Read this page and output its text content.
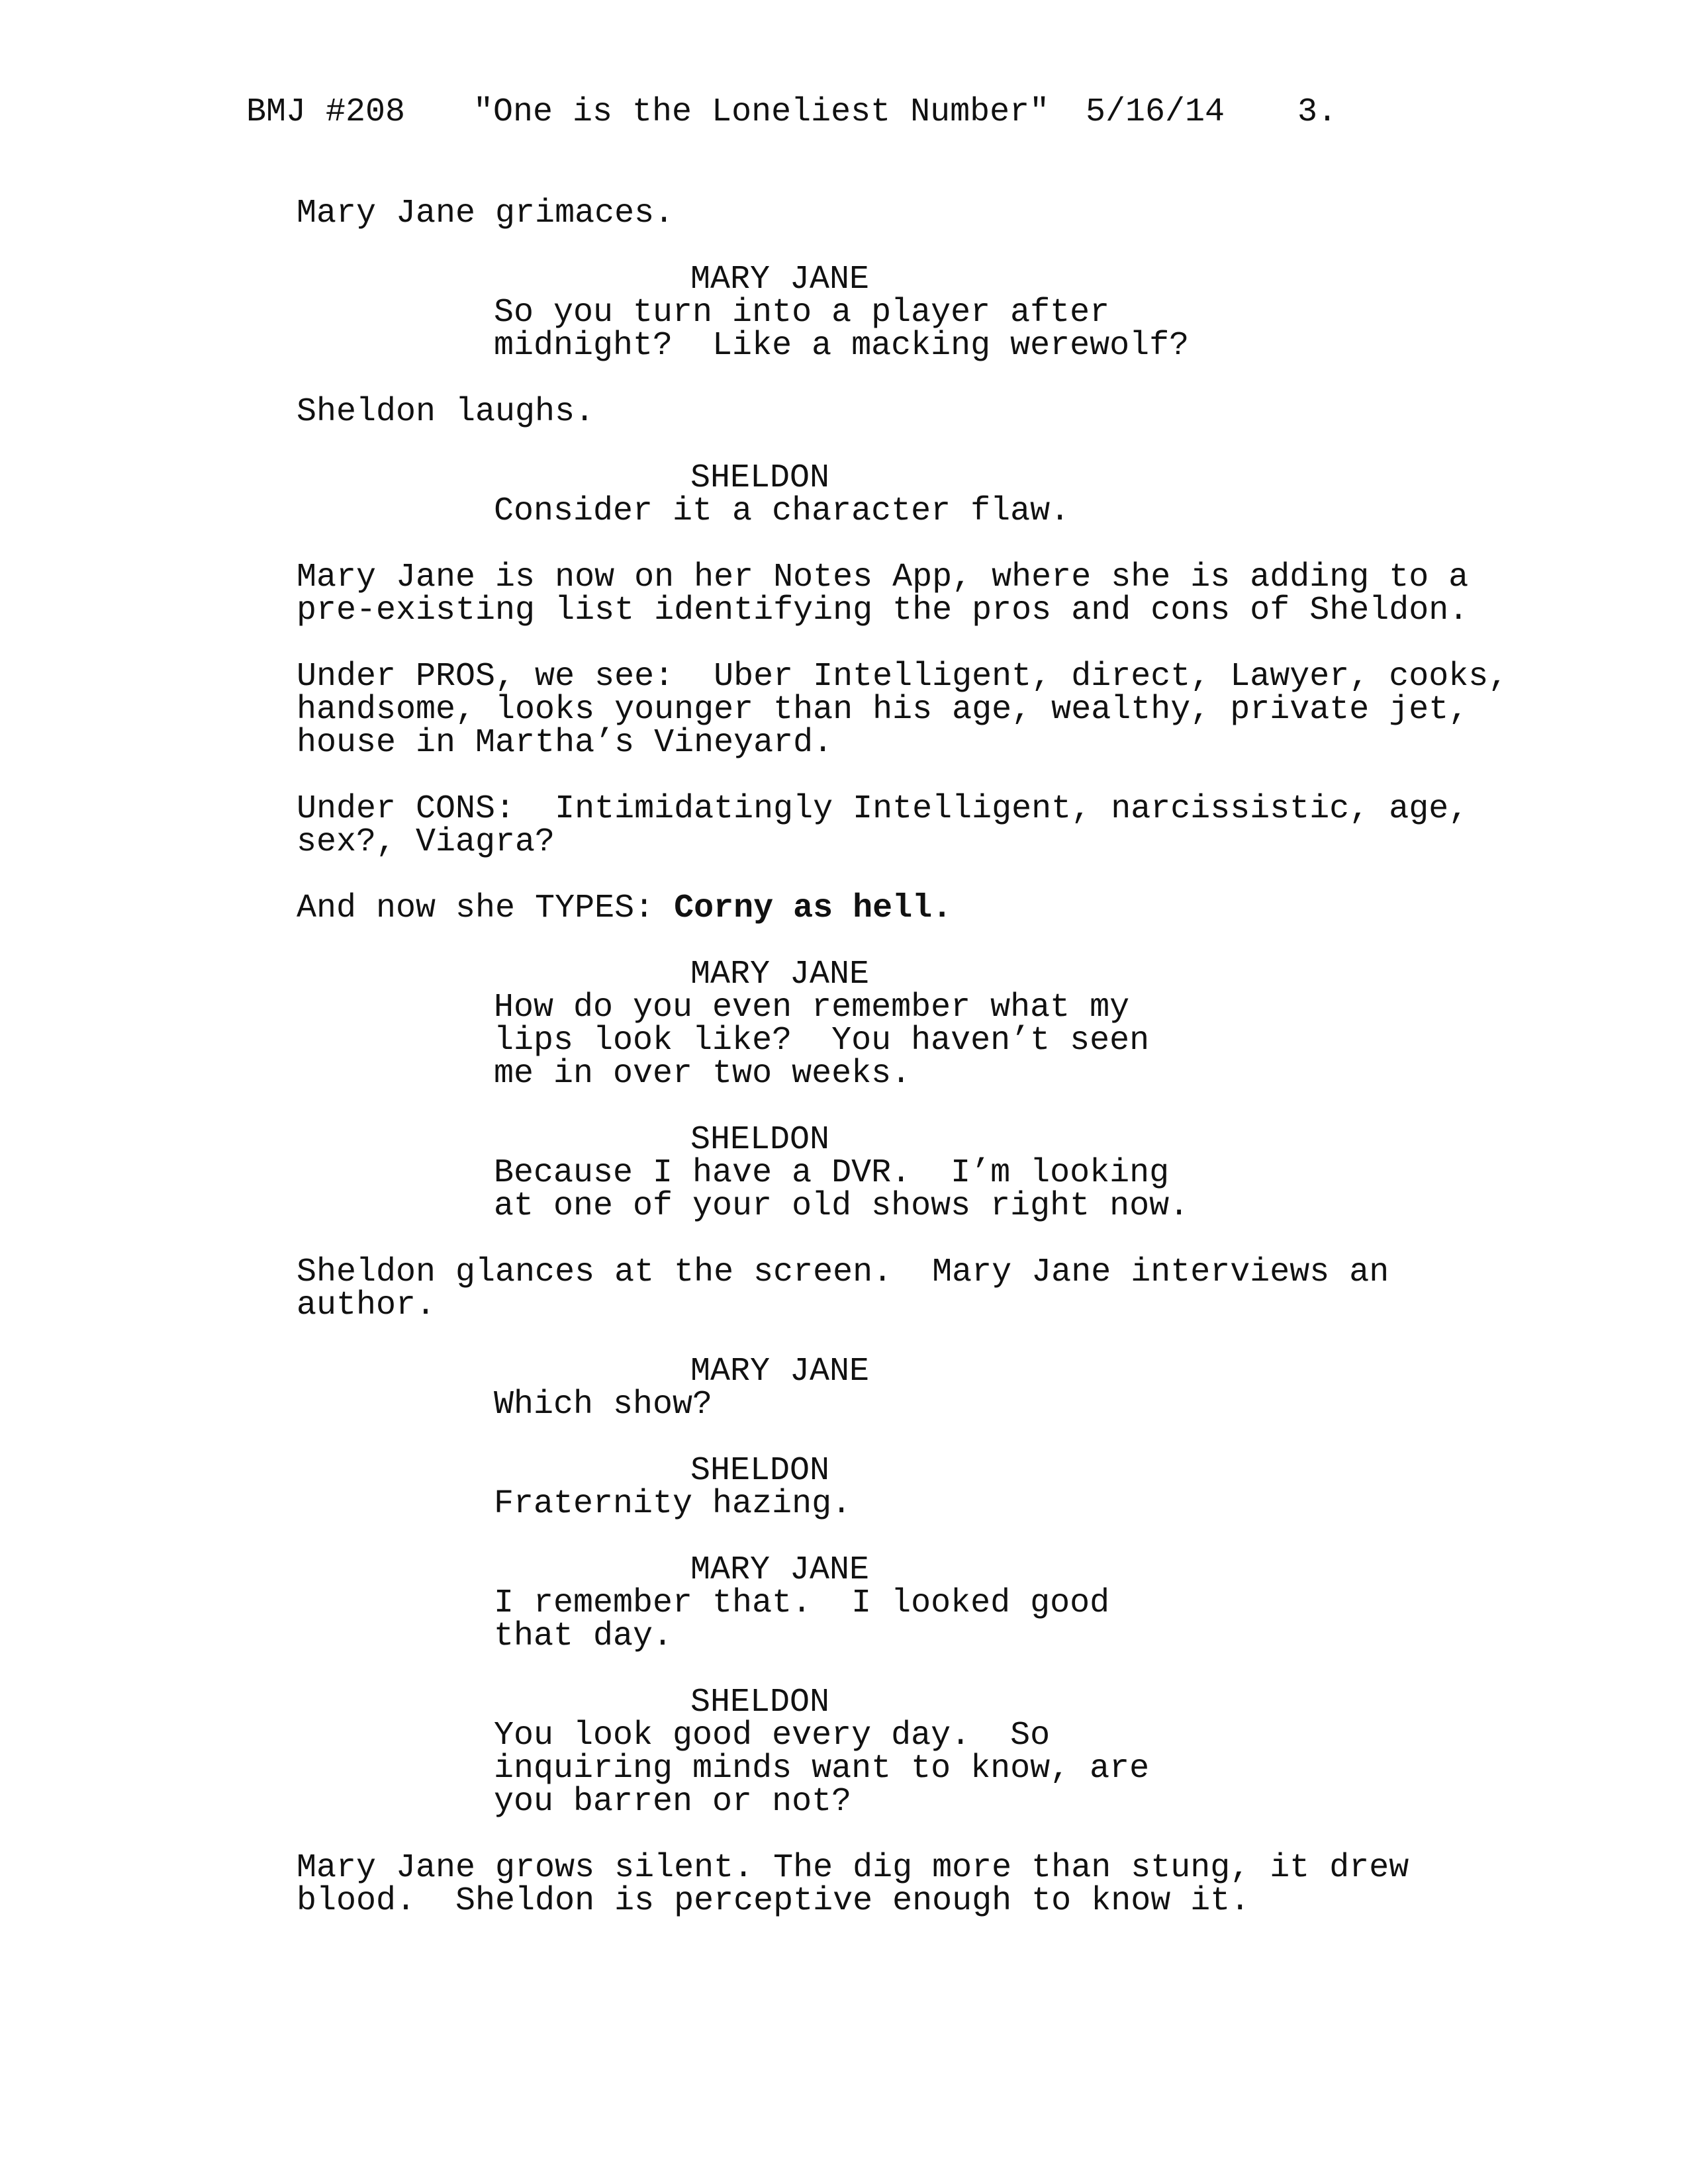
BMJ #208 "One is the Loneliest Number" 5/16/14 3.
Mary Jane grimaces.
MARY JANE
So you turn into a player after
midnight?  Like a macking werewolf?
Sheldon laughs.
SHELDON
Consider it a character flaw.
Mary Jane is now on her Notes App, where she is adding to a
pre-existing list identifying the pros and cons of Sheldon.
Under PROS, we see:  Uber Intelligent, direct, Lawyer, cooks,
handsome, looks younger than his age, wealthy, private jet,
house in Martha’s Vineyard.
Under CONS:  Intimidatingly Intelligent, narcissistic, age,
sex?, Viagra?
And now she TYPES: Corny as hell.
MARY JANE
How do you even remember what my
lips look like?  You haven’t seen
me in over two weeks.
SHELDON
Because I have a DVR.  I’m looking
at one of your old shows right now.
Sheldon glances at the screen.  Mary Jane interviews an
author.
MARY JANE
Which show?
SHELDON
Fraternity hazing.
MARY JANE
I remember that.  I looked good
that day.
SHELDON
You look good every day.  So
inquiring minds want to know, are
you barren or not?
Mary Jane grows silent. The dig more than stung, it drew
blood.  Sheldon is perceptive enough to know it.
